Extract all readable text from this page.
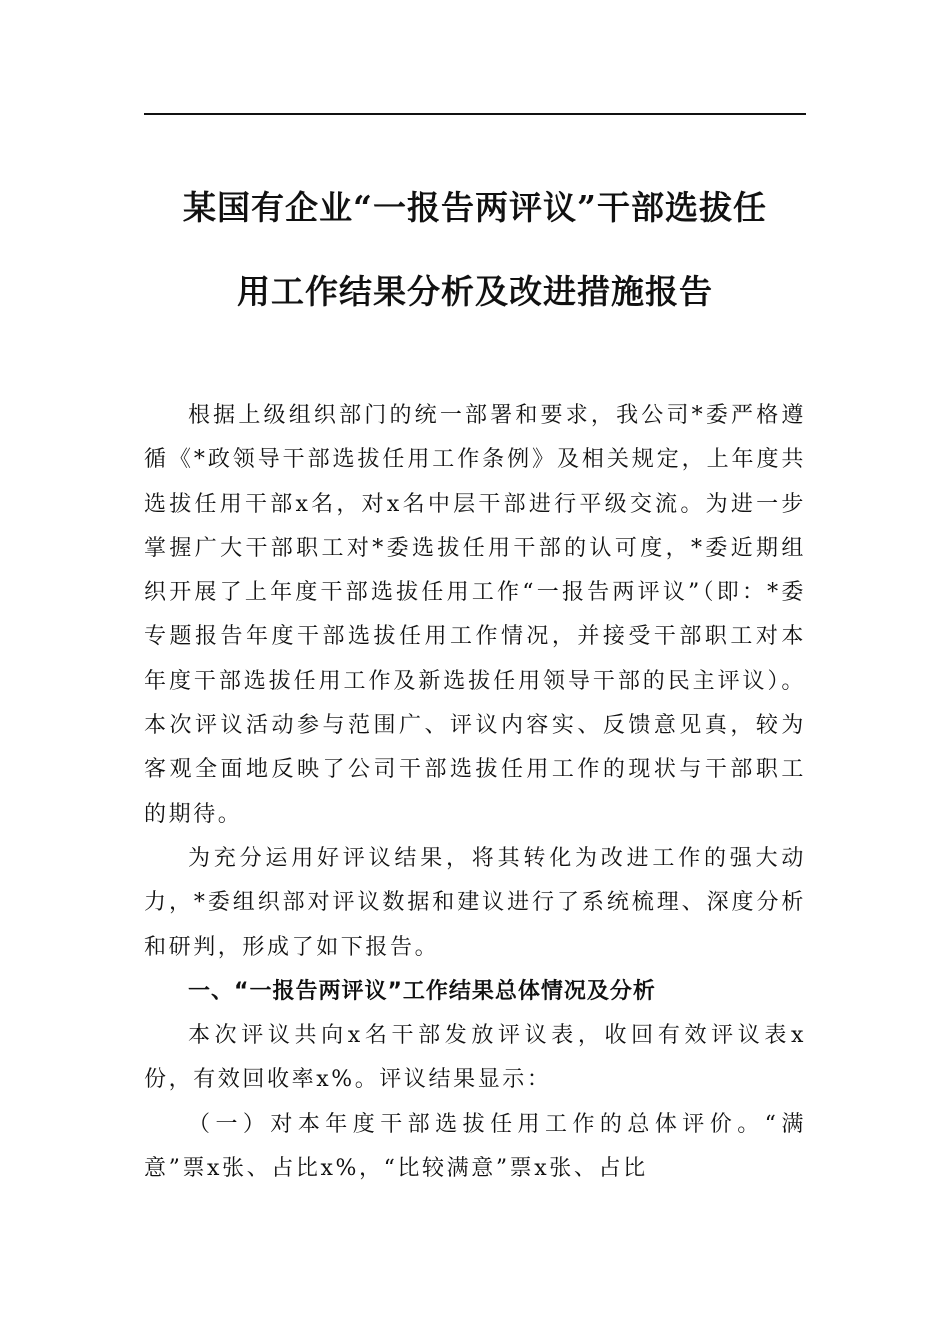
某国有企业“一报告两评议”干部选拔任
用工作结果分析及改进措施报告

根据上级组织部门的统一部署和要求，我公司*委严格遵循《*政领导干部选拔任用工作条例》及相关规定，上年度共选拔任用干部x名，对x名中层干部进行平级交流。为进一步掌握广大干部职工对*委选拔任用干部的认可度，*委近期组织开展了上年度干部选拔任用工作“一报告两评议”（即：*委专题报告年度干部选拔任用工作情况，并接受干部职工对本年度干部选拔任用工作及新选拔任用领导干部的民主评议）。本次评议活动参与范围广、评议内容实、反馈意见真，较为客观全面地反映了公司干部选拔任用工作的现状与干部职工的期待。

为充分运用好评议结果，将其转化为改进工作的强大动力，*委组织部对评议数据和建议进行了系统梳理、深度分析和研判，形成了如下报告。

一、“一报告两评议”工作结果总体情况及分析

本次评议共向x名干部发放评议表，收回有效评议表x份，有效回收率x%。评议结果显示：

（一）对本年度干部选拔任用工作的总体评价。“满意”票x张、占比x%，“比较满意”票x张、占比
